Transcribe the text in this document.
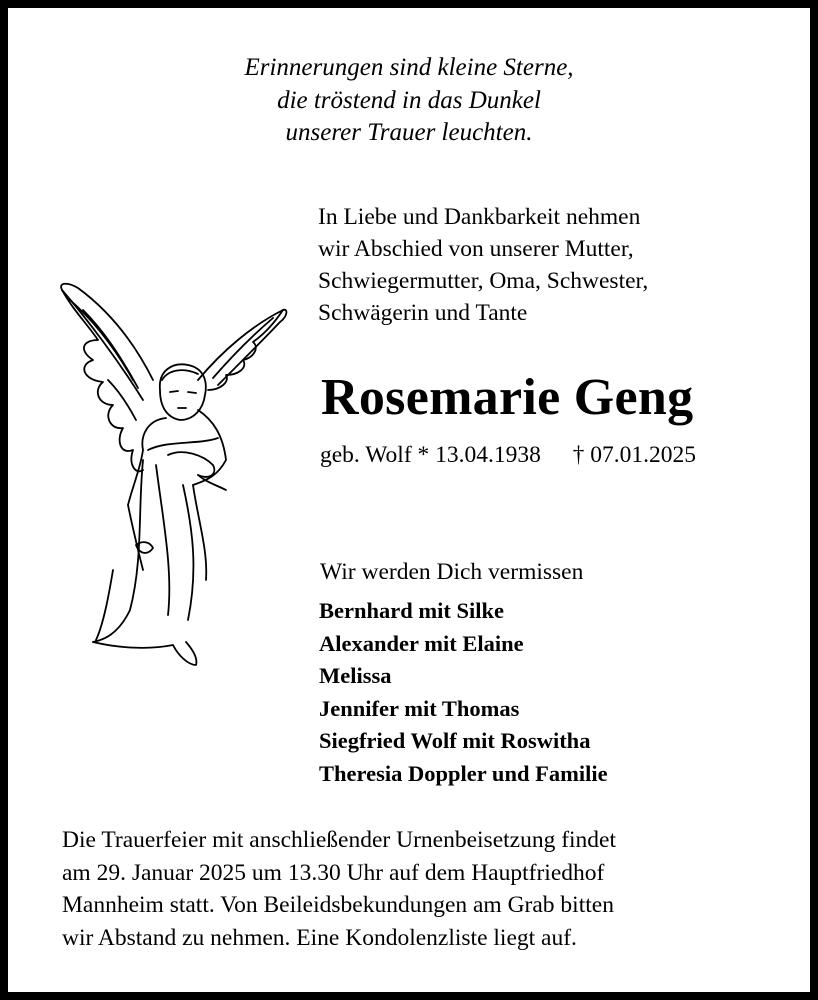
Erinnerungen sind kleine Sterne,
die tröstend in das Dunkel
unserer Trauer leuchten.
In Liebe und Dankbarkeit nehmen
wir Abschied von unserer Mutter,
Schwiegermutter, Oma, Schwester,
Schwägerin und Tante
Rosemarie Geng
geb. Wolf * 13.04.1938 † 07.01.2025
Wir werden Dich vermissen
Bernhard mit Silke
Alexander mit Elaine
Melissa
Jennifer mit Thomas
Siegfried Wolf mit Roswitha
Theresia Doppler und Familie
Die Trauerfeier mit anschließender Urnenbeisetzung findet
am 29. Januar 2025 um 13.30 Uhr auf dem Hauptfriedhof
Mannheim statt. Von Beileidsbekundungen am Grab bitten
wir Abstand zu nehmen. Eine Kondolenzliste liegt auf.
